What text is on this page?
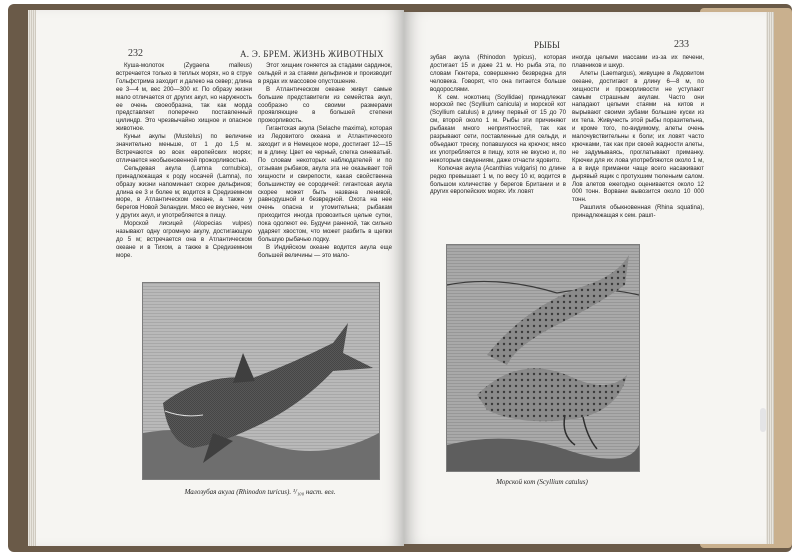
232	А. Э. БРЕМ. ЖИЗНЬ ЖИВОТНЫХ

Куша-молоток (Zygaena malleus) встречается только в теплых морях, но в струе Гольфстрима заходит и далеко на север; длина ее 3—4 м, вес 200—300 кг. По образу жизни мало отличается от других акул, но наружность ее очень своеобразна, так как морда представляет поперечно поставленный цилиндр. Это чрезвычайно хищное и опасное животное.

Куньи акулы (Mustelus) по величине значительно меньше, от 1 до 1,5 м. Встречаются во всех европейских морях; отличается необыкновенной прожорливостью.

Сельдевая акула (Lamna cornubica), принадлежащая к роду носачей (Lamna), по образу жизни напоминает скорее дельфинов; длина ее 3 и более м; водится в Средиземном море, в Атлантическом океане, а также у берегов Новой Зеландии. Мясо ее вкуснее, чем у других акул, и употребляется в пищу.

Морской лисицей (Alopecias vulpes) называют одну огромную акулу, достигающую до 5 м; встречается она в Атлантическом океане и в Тихом, а также в Средиземном море.

Этот хищник гоняется за стадами сардинок, сельдей и за стаями дельфинов и производит в рядах их массовое опустошение.

В Атлантическом океане живут самые большие представители из семейства акул, сообразно со своими размерами проявляющие в большей степени прожорливость.

Гигантская акула (Selache maxima), которая из Ледовитого океана и Атлантического заходит и в Немецкое море, достигает 12—15 м в длину. Цвет ее черный, слегка синеватый. По словам некоторых наблюдателей и по отзывам рыбаков, акула эта не оказывает той хищности и свирепости, какая свойственна большинству ее сородичей: гигантская акула скорее может быть названа ленивой, равнодушной и безвредной. Охота на нее очень опасна и утомительна; рыбакам приходится иногда провозиться целые сутки, пока одолеют ее. Будучи раненой, так сильно ударяет хвостом, что может разбить в щепки большую рыбачью лодку.

В Индийском океане водится акула еще большей величины — это мало-

Малозубая акула (Rhinodon turicus). ¹/₁₀₀ наст. вел.
РЫБЫ	233

зубая акула (Rhinodon typicus), которая достигает 15 и даже 21 м. Но рыба эта, по словам Гюнтера, совершенно безвредна для человека. Говорят, что она питается больше водорослями.

К сем. нокотниц (Scyllidae) принадлежат морской пес (Scyllium canicula) и морской кот (Scyllium catulus) в длину первый от 15 до 70 см, второй около 1 м. Рыбы эти причиняют рыбакам много неприятностей, так как разрывают сети, поставленные для сельди, и объедают треску, попавшуюся на крючок; мясо их употребляется в пищу, хотя не вкусно и, по некоторым сведениям, даже отчасти ядовито.

Колючая акула (Acanthias vulgaris) по длине редко превышает 1 м, по весу 10 кг, водится в большом количестве у берегов Британии и в других европейских морях. Их ловят

иногда целыми массами из-за их печени, плавников и шкур.

Алеты (Laemargus), живущие в Ледовитом океане, достигают в длину 6—8 м, по хищности и прожорливости не уступают самым страшным акулам. Часто они нападают целыми стаями на китов и вырывают своими зубами большие куски из их тела. Живучесть этой рыбы поразительна, и кроме того, по-видимому, алеты очень малочувствительны к боли; их ловят часто крючками, так как при своей жадности алеты, не задумываясь, проглатывают приманку. Крючки для их лова употребляются около 1 м, а в виде приманки чаще всего насаживают дырявый ящик с протухшим тюленьим салом. Лов алетов ежегодно оценивается около 12 000 тонн. Ворвани вывозится около 10 000 тонн.

Рашпиля обыкновенная (Rhina squatina), принадлежащая к сем. рашп-

Морской кот (Scyllium catulus)
